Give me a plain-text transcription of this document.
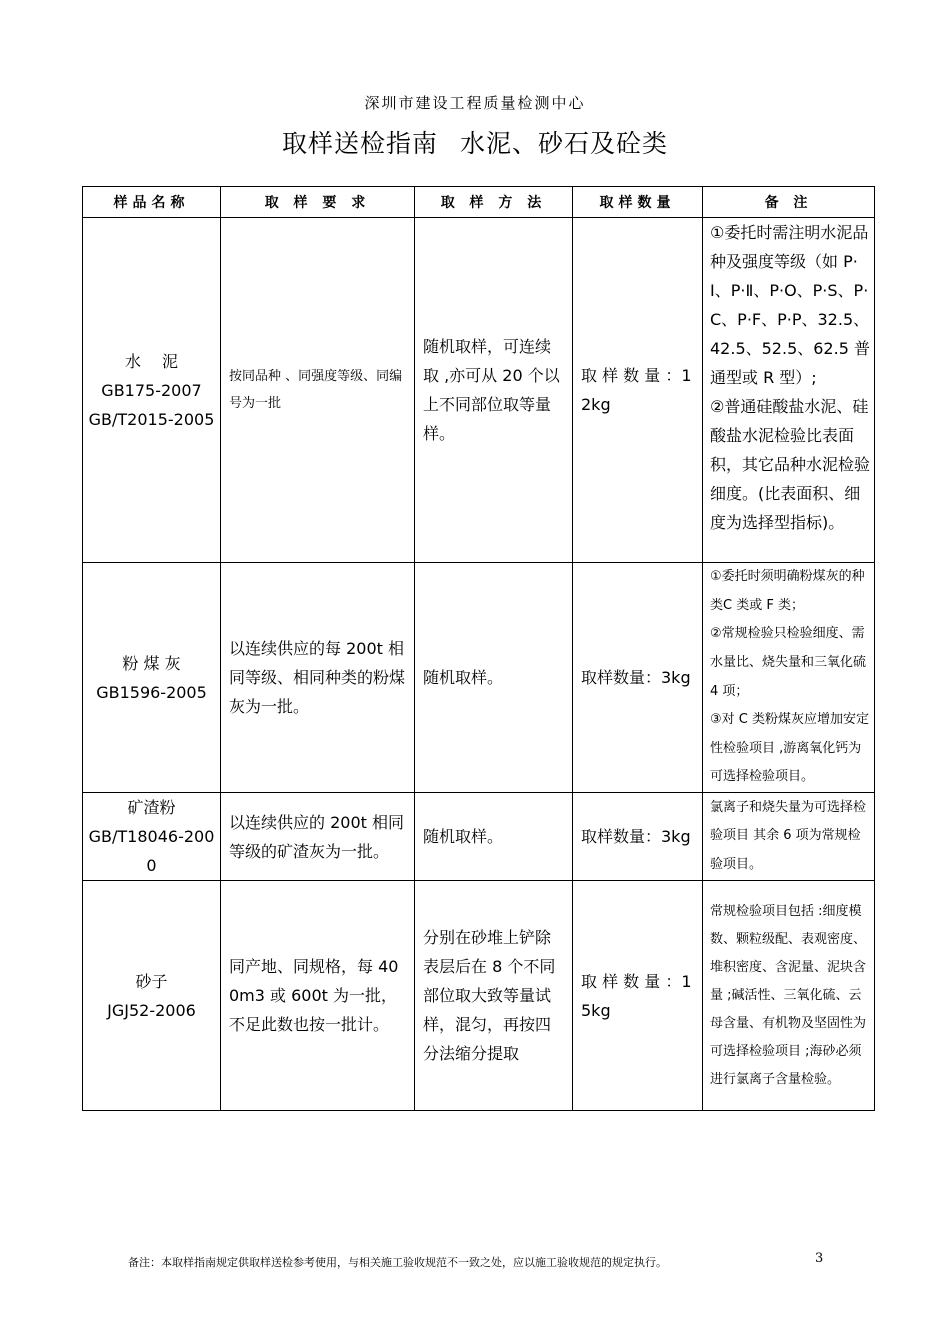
深圳市建设工程质量检测中心
取样送检指南 水泥、砂石及砼类
样品名称	取 样 要 求	取 样 方 法	取样数量	备 注

水　 泥
GB175-2007
GB/T2015-2005	按同品种 、同强度等级、同编号为一批	随机取样，可连续取 ,亦可从 20 个以上不同部位取等量样。	取 样 数 量 ：12kg	①委托时需注明水泥品种及强度等级（如 P·Ⅰ、P·Ⅱ、P·O、P·S、P·C、P·F、P·P、32.5、42.5、52.5、62.5 普通型或 R 型）;
②普通硅酸盐水泥、硅酸盐水泥检验比表面积，其它品种水泥检验细度。(比表面积、细度为选择型指标)。

粉 煤 灰
GB1596-2005	以连续供应的每 200t 相同等级、相同种类的粉煤灰为一批。	随机取样。	取样数量：3kg	①委托时须明确粉煤灰的种类C 类或 F 类；
②常规检验只检验细度、需水量比、烧失量和三氧化硫 4 项；
③对 C 类粉煤灰应增加安定性检验项目 ,游离氧化钙为可选择检验项目。

矿渣粉
GB/T18046-2000	以连续供应的 200t 相同等级的矿渣灰为一批。	随机取样。	取样数量：3kg	氯离子和烧失量为可选择检验项目 其余 6 项为常规检验项目。

砂子
JGJ52-2006	同产地、同规格，每 400m3 或 600t 为一批，不足此数也按一批计。	分别在砂堆上铲除表层后在 8 个不同部位取大致等量试样，混匀，再按四分法缩分提取	取 样 数 量 ：15kg	常规检验项目包括 :细度模数、颗粒级配、表观密度、堆积密度、含泥量、泥块含量 ;碱活性、三氧化硫、云母含量、有机物及坚固性为可选择检验项目 ;海砂必须进行氯离子含量检验。
备注：本取样指南规定供取样送检参考使用，与相关施工验收规范不一致之处，应以施工验收规范的规定执行。	3
